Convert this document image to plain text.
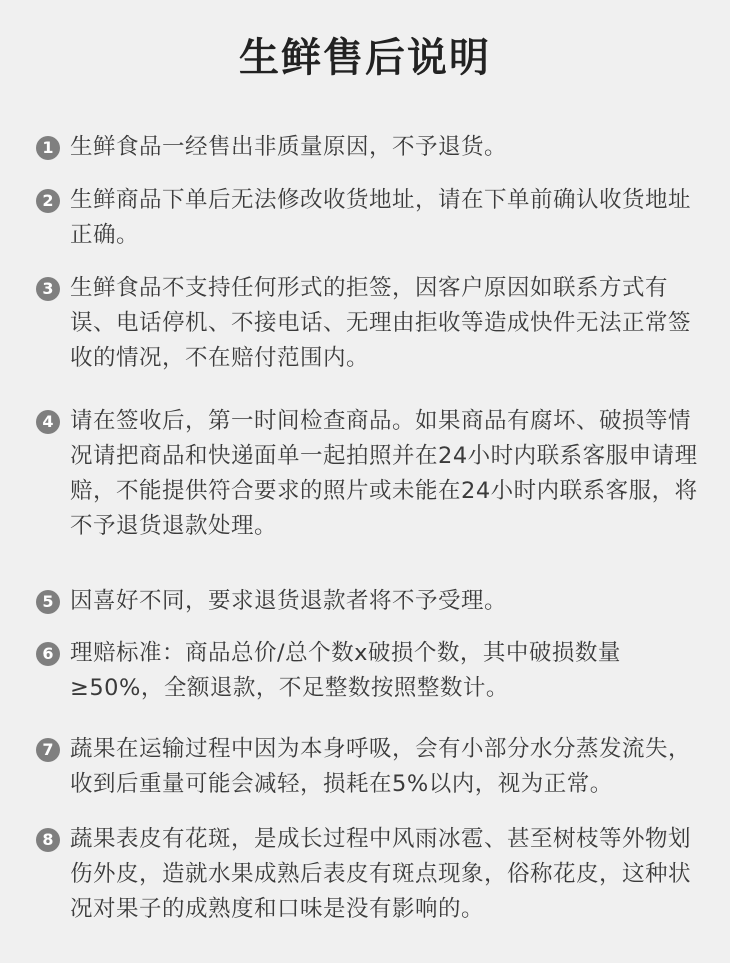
生鲜售后说明
1 生鲜食品一经售出非质量原因，不予退货。
2 生鲜商品下单后无法修改收货地址，请在下单前确认收货地址正确。
3 生鲜食品不支持任何形式的拒签，因客户原因如联系方式有误、电话停机、不接电话、无理由拒收等造成快件无法正常签收的情况，不在赔付范围内。
4 请在签收后，第一时间检查商品。如果商品有腐坏、破损等情况请把商品和快递面单一起拍照并在24小时内联系客服申请理赔，不能提供符合要求的照片或未能在24小时内联系客服，将不予退货退款处理。
5 因喜好不同，要求退货退款者将不予受理。
6 理赔标准：商品总价/总个数x破损个数，其中破损数量≥50%，全额退款，不足整数按照整数计。
7 蔬果在运输过程中因为本身呼吸，会有小部分水分蒸发流失，收到后重量可能会减轻，损耗在5%以内，视为正常。
8 蔬果表皮有花斑，是成长过程中风雨冰雹、甚至树枝等外物划伤外皮，造就水果成熟后表皮有斑点现象，俗称花皮，这种状况对果子的成熟度和口味是没有影响的。
